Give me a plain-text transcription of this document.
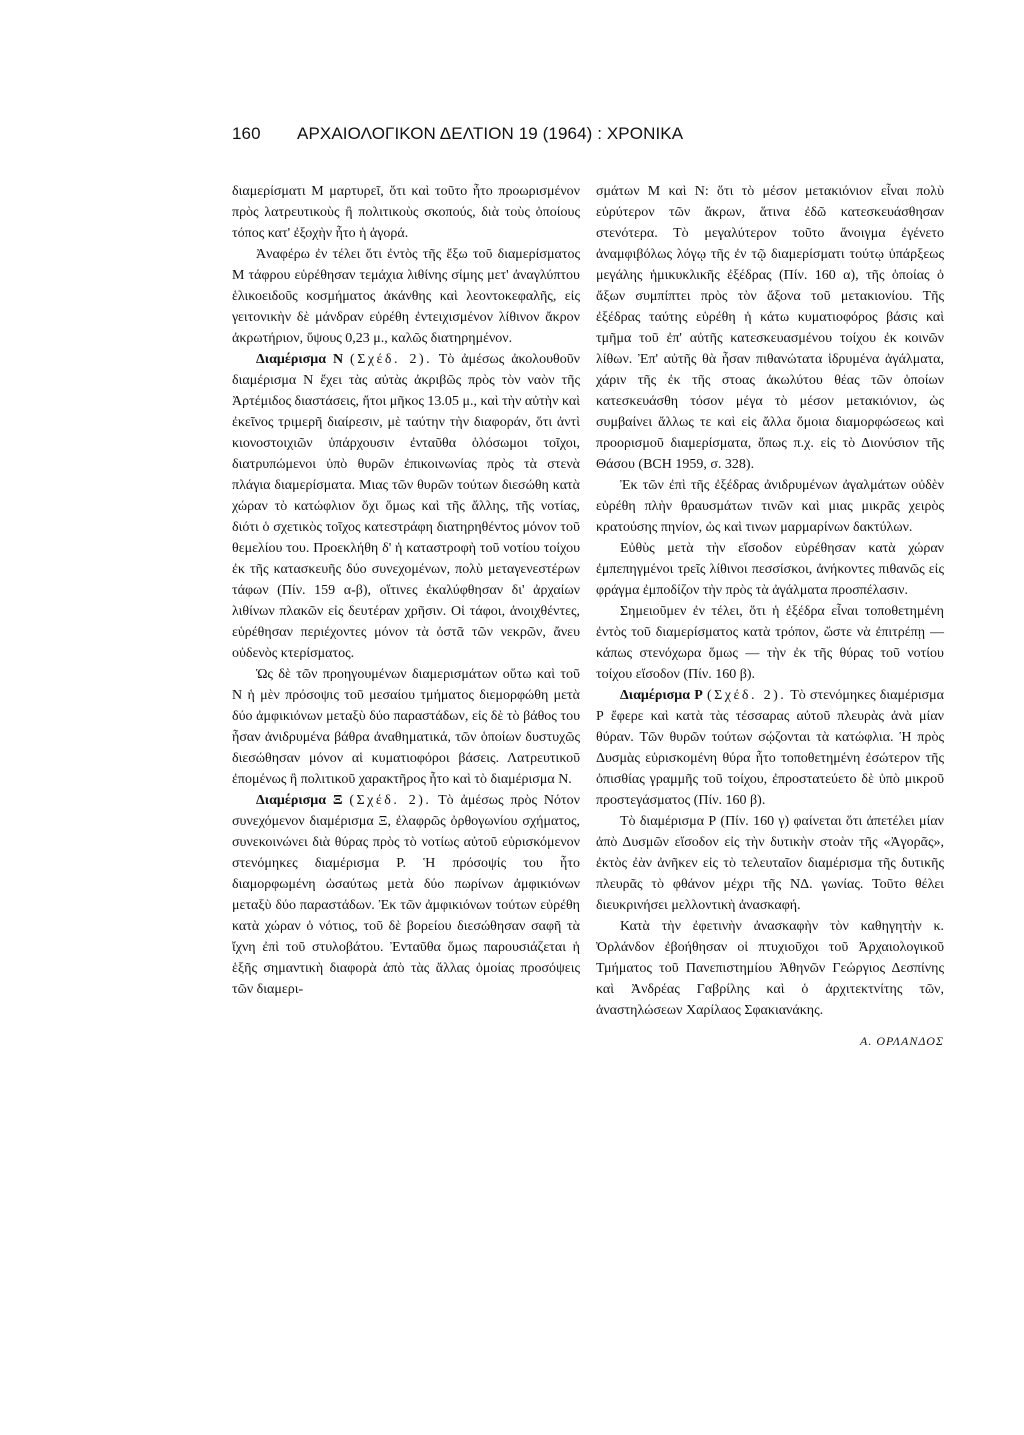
160 ΑΡΧΑΙΟΛΟΓΙΚΟΝ ΔΕΛΤΙΟΝ 19 (1964) : ΧΡΟΝΙΚΑ

διαμερίσματι Μ μαρτυρεῖ, ὅτι καὶ τοῦτο ἦτο προωρισμένον πρὸς λατρευτικοὺς ἢ πολιτικοὺς σκοπούς, διὰ τοὺς ὁποίους τόπος κατ' ἐξοχὴν ἦτο ἡ ἀγορά.

Ἀναφέρω ἐν τέλει ὅτι ἐντὸς τῆς ἔξω τοῦ διαμερίσματος Μ τάφρου εὑρέθησαν τεμάχια λιθίνης σίμης μετ' ἀναγλύπτου ἑλικοειδοῦς κοσμήματος ἀκάνθης καὶ λεοντοκεφαλῆς, εἰς γειτονικὴν δὲ μάνδραν εὑρέθη ἐντειχισμένον λίθινον ἄκρον ἀκρωτήριον, ὕψους 0,23 μ., καλῶς διατηρημένον.

Διαμέρισμα Ν (Σχέδ. 2). Τὸ ἀμέσως ἀκολουθοῦν διαμέρισμα Ν ἔχει τὰς αὐτὰς ἀκριβῶς πρὸς τὸν ναὸν τῆς Ἀρτέμιδος διαστάσεις, ἤτοι μῆκος 13.05 μ., καὶ τὴν αὐτὴν καὶ ἐκεῖνος τριμερῆ διαίρεσιν, μὲ ταύτην τὴν διαφοράν, ὅτι ἀντὶ κιονοστοιχιῶν ὑπάρχουσιν ἐνταῦθα ὁλόσωμοι τοῖχοι, διατρυπώμενοι ὑπὸ θυρῶν ἐπικοινωνίας πρὸς τὰ στενὰ πλάγια διαμερίσματα. Μιας τῶν θυρῶν τούτων διεσώθη κατὰ χώραν τὸ κατώφλιον ὄχι ὅμως καὶ τῆς ἄλλης, τῆς νοτίας, διότι ὁ σχετικὸς τοῖχος κατεστράφη διατηρηθέντος μόνον τοῦ θεμελίου του. Προεκλήθη δ' ἡ καταστροφὴ τοῦ νοτίου τοίχου ἐκ τῆς κατασκευῆς δύο συνεχομένων, πολὺ μεταγενεστέρων τάφων (Πίν. 159 α-β), οἵτινες ἐκαλύφθησαν δι' ἀρχαίων λιθίνων πλακῶν εἰς δευτέραν χρῆσιν. Οἱ τάφοι, ἀνοιχθέντες, εὑρέθησαν περιέχοντες μόνον τὰ ὀστᾶ τῶν νεκρῶν, ἄνευ οὐδενὸς κτερίσματος.

Ὡς δὲ τῶν προηγουμένων διαμερισμάτων οὕτω καὶ τοῦ Ν ἡ μὲν πρόσοψις τοῦ μεσαίου τμήματος διεμορφώθη μετὰ δύο ἀμφικιόνων μεταξὺ δύο παραστάδων, εἰς δὲ τὸ βάθος του ἦσαν ἀνιδρυμένα βάθρα ἀναθηματικά, τῶν ὁποίων δυστυχῶς διεσώθησαν μόνον αἱ κυματιοφόροι βάσεις. Λατρευτικοῦ ἐπομένως ἢ πολιτικοῦ χαρακτῆρος ἦτο καὶ τὸ διαμέρισμα Ν.

Διαμέρισμα Ξ (Σχέδ. 2). Τὸ ἀμέσως πρὸς Νότον συνεχόμενον διαμέρισμα Ξ, ἐλαφρῶς ὀρθογωνίου σχήματος, συνεκοινώνει διὰ θύρας πρὸς τὸ νοτίως αὐτοῦ εὑρισκόμενον στενόμηκες διαμέρισμα Ρ. Ἡ πρόσοψίς του ἦτο διαμορφωμένη ὡσαύτως μετὰ δύο πωρίνων ἀμφικιόνων μεταξὺ δύο παραστάδων. Ἐκ τῶν ἀμφικιόνων τούτων εὑρέθη κατὰ χώραν ὁ νότιος, τοῦ δὲ βορείου διεσώθησαν σαφῆ τὰ ἴχνη ἐπὶ τοῦ στυλοβάτου. Ἐνταῦθα ὅμως παρουσιάζεται ἡ ἑξῆς σημαντικὴ διαφορὰ ἀπὸ τὰς ἄλλας ὁμοίας προσόψεις τῶν διαμερι-

σμάτων Μ καὶ Ν: ὅτι τὸ μέσον μετακιόνιον εἶναι πολὺ εὐρύτερον τῶν ἄκρων, ἅτινα ἐδῶ κατεσκευάσθησαν στενότερα. Τὸ μεγαλύτερον τοῦτο ἄνοιγμα ἐγένετο ἀναμφιβόλως λόγῳ τῆς ἐν τῷ διαμερίσματι τούτῳ ὑπάρξεως μεγάλης ἡμικυκλικῆς ἐξέδρας (Πίν. 160 α), τῆς ὁποίας ὁ ἄξων συμπίπτει πρὸς τὸν ἄξονα τοῦ μετακιονίου. Τῆς ἐξέδρας ταύτης εὑρέθη ἡ κάτω κυματιοφόρος βάσις καὶ τμῆμα τοῦ ἐπ' αὐτῆς κατεσκευασμένου τοίχου ἐκ κοινῶν λίθων. Ἐπ' αὐτῆς θὰ ἦσαν πιθανώτατα ἱδρυμένα ἀγάλματα, χάριν τῆς ἐκ τῆς στοας ἀκωλύτου θέας τῶν ὁποίων κατεσκευάσθη τόσον μέγα τὸ μέσον μετακιόνιον, ὡς συμβαίνει ἄλλως τε καὶ εἰς ἄλλα ὅμοια διαμορφώσεως καὶ προορισμοῦ διαμερίσματα, ὅπως π.χ. εἰς τὸ Διονύσιον τῆς Θάσου (ΒCH 1959, σ. 328).

Ἐκ τῶν ἐπὶ τῆς ἐξέδρας ἀνιδρυμένων ἀγαλμάτων οὐδὲν εὑρέθη πλὴν θραυσμάτων τινῶν καὶ μιας μικρᾶς χειρὸς κρατούσης πηνίον, ὡς καὶ τινων μαρμαρίνων δακτύλων.

Εὐθὺς μετὰ τὴν εἴσοδον εὑρέθησαν κατὰ χώραν ἐμπεπηγμένοι τρεῖς λίθινοι πεσσίσκοι, ἀνήκοντες πιθανῶς εἰς φράγμα ἐμποδίζον τὴν πρὸς τὰ ἀγάλματα προσπέλασιν.

Σημειοῦμεν ἐν τέλει, ὅτι ἡ ἐξέδρα εἶναι τοποθετημένη ἐντὸς τοῦ διαμερίσματος κατὰ τρόπον, ὥστε νὰ ἐπιτρέπῃ — κάπως στενόχωρα ὅμως — τὴν ἐκ τῆς θύρας τοῦ νοτίου τοίχου εἴσοδον (Πίν. 160 β).

Διαμέρισμα Ρ (Σχέδ. 2). Τὸ στενόμηκες διαμέρισμα Ρ ἔφερε καὶ κατὰ τὰς τέσσαρας αὐτοῦ πλευρὰς ἀνὰ μίαν θύραν. Τῶν θυρῶν τούτων σῴζονται τὰ κατώφλια. Ἡ πρὸς Δυσμὰς εὑρισκομένη θύρα ἦτο τοποθετημένη ἐσώτερον τῆς ὀπισθίας γραμμῆς τοῦ τοίχου, ἐπροστατεύετο δὲ ὑπὸ μικροῦ προστεγάσματος (Πίν. 160 β).

Τὸ διαμέρισμα Ρ (Πίν. 160 γ) φαίνεται ὅτι ἀπετέλει μίαν ἀπὸ Δυσμῶν εἴσοδον εἰς τὴν δυτικὴν στοὰν τῆς «Ἀγορᾶς», ἐκτὸς ἐὰν ἀνῆκεν εἰς τὸ τελευταῖον διαμέρισμα τῆς δυτικῆς πλευρᾶς τὸ φθάνον μέχρι τῆς ΝΔ. γωνίας. Τοῦτο θέλει διευκρινήσει μελλοντικὴ ἀνασκαφή.

Κατὰ τὴν ἐφετινὴν ἀνασκαφὴν τὸν καθηγητὴν κ. Ὀρλάνδον ἐβοήθησαν οἱ πτυχιοῦχοι τοῦ Ἀρχαιολογικοῦ Τμήματος τοῦ Πανεπιστημίου Ἀθηνῶν Γεώργιος Δεσπίνης καὶ Ἀνδρέας Γαβρίλης καὶ ὁ ἀρχιτεκτνίτης τῶν, ἀναστηλώσεων Χαρίλαος Σφακιανάκης.

Α. ΟΡΛΑΝΔΟΣ
